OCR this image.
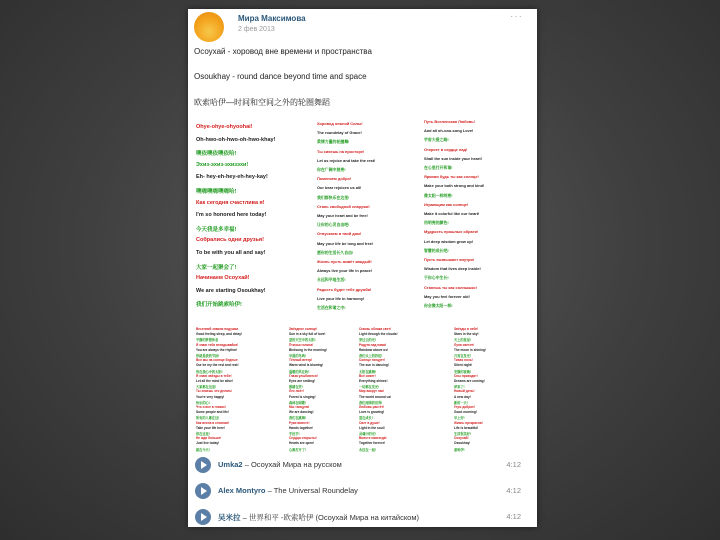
Мира Максимова
2 фев 2013
···
Осоухай - хоровод вне времени и пространства
Osoukhay - round dance beyond time and space
欧索哈伊—时间和空间之外的轮圈舞蹈
Ohye-ohye-ohyoohai!
Oh-hwo-oh-hwo-oh-hwo-khay!
噢依噢依噢依哈!
Эхиз-эхиз-эхизэхи!
Eh- hey-eh-hey-eh-hey-kay!
噢嗨噢嗨噢嗨哈!
Как сегодня счастлива я!
I'm so honored here today!
今天我是多幸福!
Собрались одни друзья!
To be with you all and say!
大家一起聚会了!
Начинаем Осоухай!
We are starting Osoukhay!
我们开始跳索哈伊!
Хоровод нежной Силы!
The roundelay of Grace!
柔情力量的轮圈舞!
Ты сияешь на просторе!
Let us rejoice and take the rest!
你在广阔中照亮!
Поменяем добро!
Our bear rejoices us all!
我们都快乐在这里!
Стань свободной снаружи!
May your heart and be free!
让你的心灵自由吧!
Отпускаем в твой дом!
May your life be long and free!
愿你的生活长久自由!
Жизнь пусть живёт каждый!
Always live your life in peace!
永远和平地生活!
Радость будет тебе дружба!
Live your life in harmony!
生活在和谐之中!
Путь Вселенская Любовь!
And all oh-ooo-song Love!
宇宙大爱之路!
Откроет в сердце лад!
Shall the sun inside your heart!
在心里打开和谐!
Яркими будь ты как солнце!
Make your both strong and kind!
像太阳一样明亮!
Играющим как солнце!
Make it colorful like our heart!
用明亮的颜色!
Мудрость прошлых обрати!
Let deep wisdom grow up!
智慧的成长吧!
Пусть возвышает внутри!
Wisdom that lives deep inside!
于你心中生长!
Станешь ты как солнышко!
May you feel forever old!
你会像太阳一样!
Весенний знаком подушки
Good feeling sleep, and delay!
平静的梦想休息
Я знаю тебя вглядывайся!
You are always the rhythm!
你就是我的节拍!
Все мы на солнце бедные
Our be my the rest and rest!
你在我心中的太阳!
Я знаю звёзды в тебе!
Let all the mind be alive!
大家都在这里!
Ты знаешь что делать!
You're very happy!
快乐的心!
Что и все в глазах!
Some people and life!
所有的人都在这!
Как весна в стоянии!
Take your life here!
你在这里!
Не жди больше!
Just live today!
就在今天!
Звёздное солнце!
Sun in a sky full of love!
爱的天空中的太阳!
Птичьи голоса!
Birdsong in the morning!
早晨的鸟鸣!
Тёплый ветер!
Warm wind is blowing!
温暖的风在吹!
Глаза улыбаются!
Eyes are smiling!
眼睛在笑!
Лес поёт!
Forest is singing!
森林在唱歌!
Мы танцуем!
We are dancing!
我们在跳舞!
Руки вместе!
Hands together!
手拉手!
Сердца открыты!
Hearts are open!
心都打开了!
Сквозь облака свет!
Light through the clouds!
穿过云的光!
Радуга над нами!
Rainbow above us!
我们头上的彩虹!
Солнце танцует!
The sun is dancing!
太阳在跳舞!
Всё сияет!
Everything shines!
一切都在发光!
Мир вокруг нас!
The world around us!
我们周围的世界!
Любовь растёт!
Love is growing!
爱在成长!
Свет в душе!
Light in the soul!
灵魂中的光!
Вместе навсегда!
Together forever!
永远在一起!
Звёзды в небе!
Stars in the sky!
天上的星星!
Луна светит!
The moon is shining!
月亮在发光!
Тихая ночь!
Silent night!
安静的夜晚!
Сны приходят!
Dreams are coming!
梦来了!
Новый день!
A new day!
新的一天!
Утро доброе!
Good morning!
早上好!
Жизнь прекрасна!
Life is beautiful!
生活很美好!
Осоухай!
Osoukhay!
索哈伊!
Umka2 – Осоухай Мира на русском	4:12
Alex Montyro – The Universal Roundelay	4:12
吴米拉 – 世界和平 -欧索哈伊 (Осоухай Мира на китайском)	4:12
